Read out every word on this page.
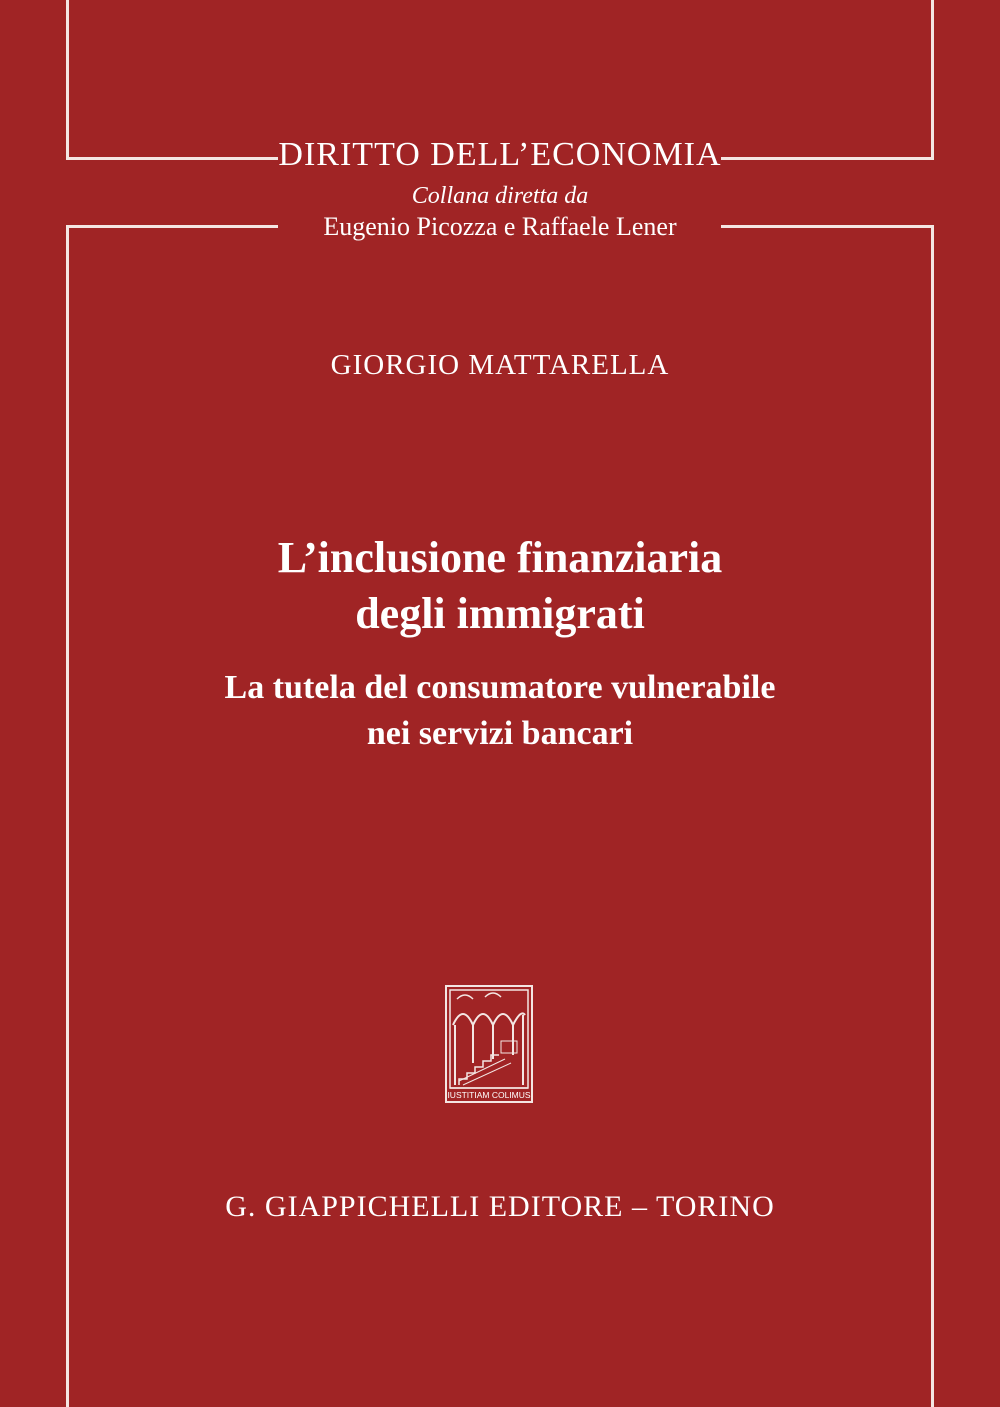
DIRITTO DELL’ECONOMIA
Collana diretta da
Eugenio Picozza e Raffaele Lener
GIORGIO MATTARELLA
L’inclusione finanziaria
degli immigrati
La tutela del consumatore vulnerabile
nei servizi bancari
IUSTITIAM COLIMUS
G. GIAPPICHELLI EDITORE – TORINO
